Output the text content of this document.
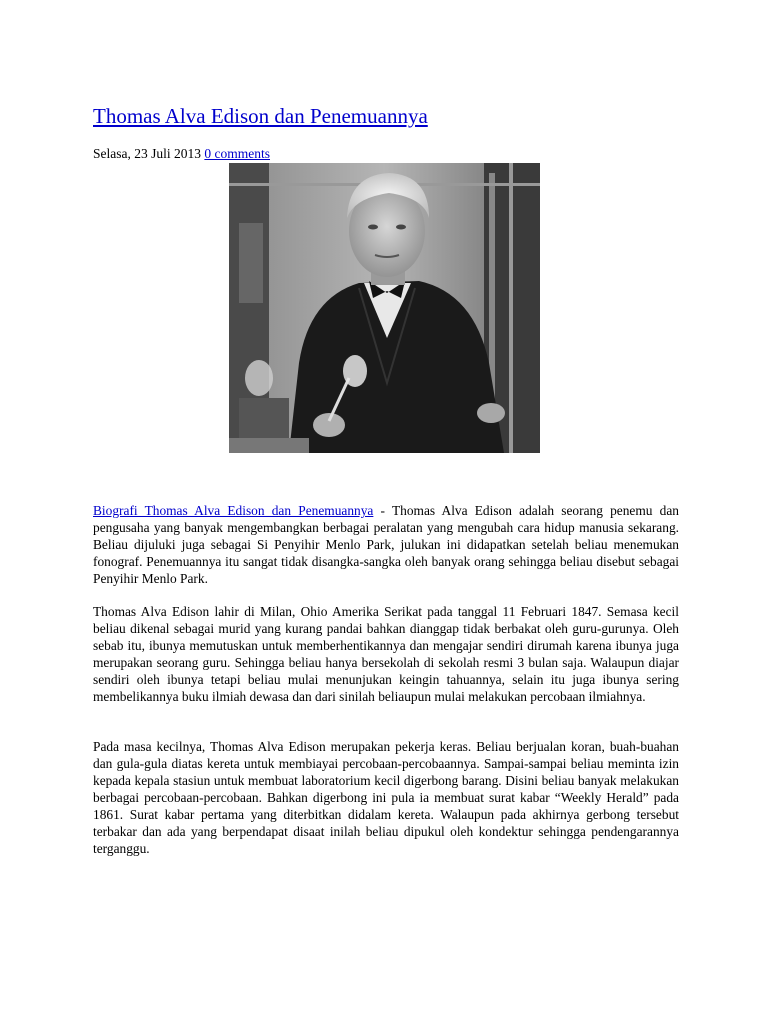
Thomas Alva Edison dan Penemuannya
Selasa, 23 Juli 2013 0 comments

Biografi Thomas Alva Edison dan Penemuannya - Thomas Alva Edison adalah seorang penemu dan pengusaha yang banyak mengembangkan berbagai peralatan yang mengubah cara hidup manusia sekarang. Beliau dijuluki juga sebagai Si Penyihir Menlo Park, julukan ini didapatkan setelah beliau menemukan fonograf. Penemuannya itu sangat tidak disangka-sangka oleh banyak orang sehingga beliau disebut sebagai Penyihir Menlo Park.

Thomas Alva Edison lahir di Milan, Ohio Amerika Serikat pada tanggal 11 Februari 1847. Semasa kecil beliau dikenal sebagai murid yang kurang pandai bahkan dianggap tidak berbakat oleh guru-gurunya. Oleh sebab itu, ibunya memutuskan untuk memberhentikannya dan mengajar sendiri dirumah karena ibunya juga merupakan seorang guru. Sehingga beliau hanya bersekolah di sekolah resmi 3 bulan saja. Walaupun diajar sendiri oleh ibunya tetapi beliau mulai menunjukan keingin tahuannya, selain itu juga ibunya sering membelikannya buku ilmiah dewasa dan dari sinilah beliaupun mulai melakukan percobaan ilmiahnya.

Pada masa kecilnya, Thomas Alva Edison merupakan pekerja keras. Beliau berjualan koran, buah-buahan dan gula-gula diatas kereta untuk membiayai percobaan-percobaannya. Sampai-sampai beliau meminta izin kepada kepala stasiun untuk membuat laboratorium kecil digerbong barang. Disini beliau banyak melakukan berbagai percobaan-percobaan. Bahkan digerbong ini pula ia membuat surat kabar “Weekly Herald” pada 1861. Surat kabar pertama yang diterbitkan didalam kereta. Walaupun pada akhirnya gerbong tersebut terbakar dan ada yang berpendapat disaat inilah beliau dipukul oleh kondektur sehingga pendengarannya terganggu.
